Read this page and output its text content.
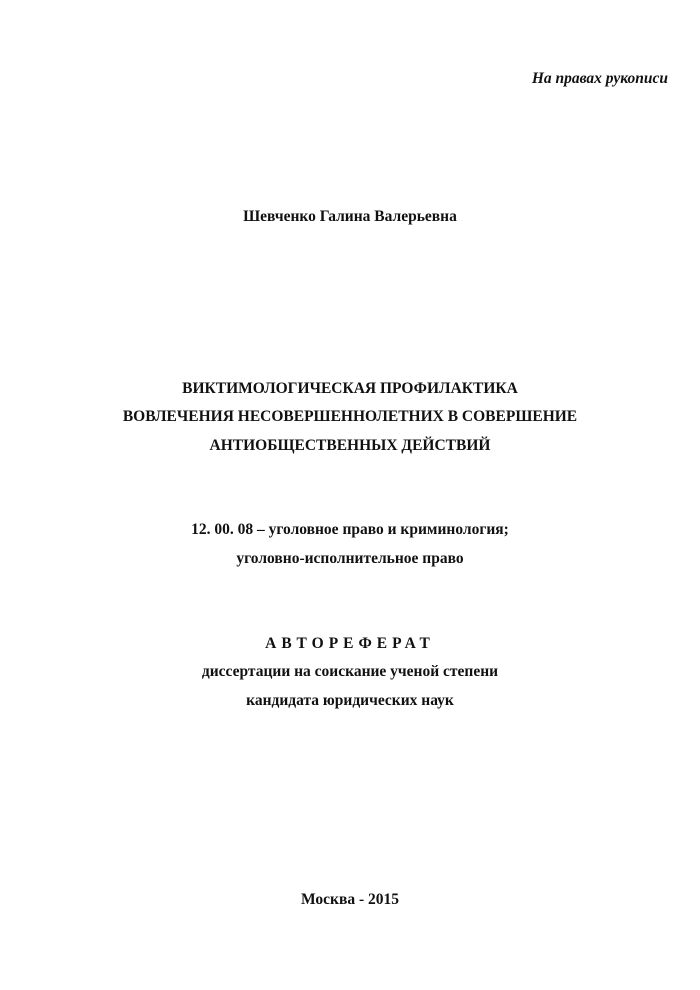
На правах рукописи
Шевченко Галина Валерьевна
ВИКТИМОЛОГИЧЕСКАЯ ПРОФИЛАКТИКА
ВОВЛЕЧЕНИЯ НЕСОВЕРШЕННОЛЕТНИХ В СОВЕРШЕНИЕ
АНТИОБЩЕСТВЕННЫХ ДЕЙСТВИЙ
12. 00. 08 – уголовное право и криминология;
уголовно-исполнительное право
АВТОРЕФЕРАТ
диссертации на соискание ученой степени
кандидата юридических наук
Москва - 2015
